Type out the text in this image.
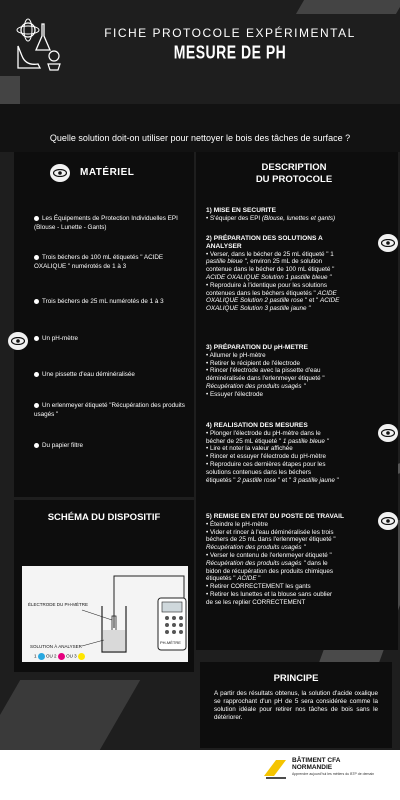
FICHE PROTOCOLE EXPÉRIMENTAL
MESURE DE PH
Quelle solution doit-on utiliser pour nettoyer le bois des tâches de surface ?
MATÉRIEL
Les Équipements de Protection Individuelles EPI (Blouse - Lunette - Gants)
Trois béchers de 100 mL étiquetés " ACIDE OXALIQUE " numérotés de 1 à 3
Trois béchers de 25 mL numérotés de 1 à 3
Un pH-mètre
Une pissette d'eau déminéralisée
Un erlenmeyer étiqueté "Récupération des produits usagés "
Du papier filtre
DESCRIPTION
DU PROTOCOLE
1) MISE EN SECURITE
• S'équiper des EPI (Blouse, lunettes et gants)
2) PRÉPARATION DES SOLUTIONS A
ANALYSER
• Verser, dans le bécher de 25 mL étiqueté " 1
pastille bleue ", environ 25 mL de solution
contenue dans le bécher de 100 mL étiqueté "
ACIDE OXALIQUE Solution 1 pastille bleue "
• Reproduire à l'identique pour les solutions
contenues dans les béchers étiquetés " ACIDE
OXALIQUE Solution 2 pastille rose " et " ACIDE
OXALIQUE Solution 3 pastille jaune "
3) PRÉPARATION DU pH-METRE
• Allumer le pH-mètre
• Retirer le récipient de l'électrode
• Rincer l'électrode avec la pissette d'eau
déminéralisée dans l'erlenmeyer étiqueté "
Récupération des produits usagés "
• Essuyer l'électrode
4) REALISATION DES MESURES
• Plonger l'électrode du pH-mètre dans le
bécher de 25 mL étiqueté " 1 pastille bleue "
• Lire et noter la valeur affichée
• Rincer et essuyer l'électrode du pH-mètre
• Reproduire ces dernières étapes pour les
solutions contenues dans les béchers
étiquetés " 2 pastille rose " et " 3 pastille jaune "
5) REMISE EN ETAT DU POSTE DE TRAVAIL
• Éteindre le pH-mètre
• Vider et rincer à l'eau déminéralisée les trois
béchers de 25 mL dans l'erlenmeyer étiqueté "
Récupération des produits usagés "
• Verser le contenu de l'erlenmeyer étiqueté "
Récupération des produits usagés " dans le
bidon de récupération des produits chimiques
étiquetés " ACIDE "
• Retirer CORRECTEMENT les gants
• Retirer les lunettes et la blouse sans oublier
de se les replier CORRECTEMENT
SCHÉMA DU DISPOSITIF
ÉLECTRODE DU PH-MÈTRE
SOLUTION À ANALYSER
PH-MÈTRE
1 OU 2 OU 3
PRINCIPE
A partir des résultats obtenus, la solution d'acide oxalique se rapprochant d'un pH de 5 sera considérée comme la solution idéale pour retirer nos tâches de bois sans le détériorer.
BÂTIMENT CFA
NORMANDIE
Apprendre aujourd'hui les métiers du BTP de demain
